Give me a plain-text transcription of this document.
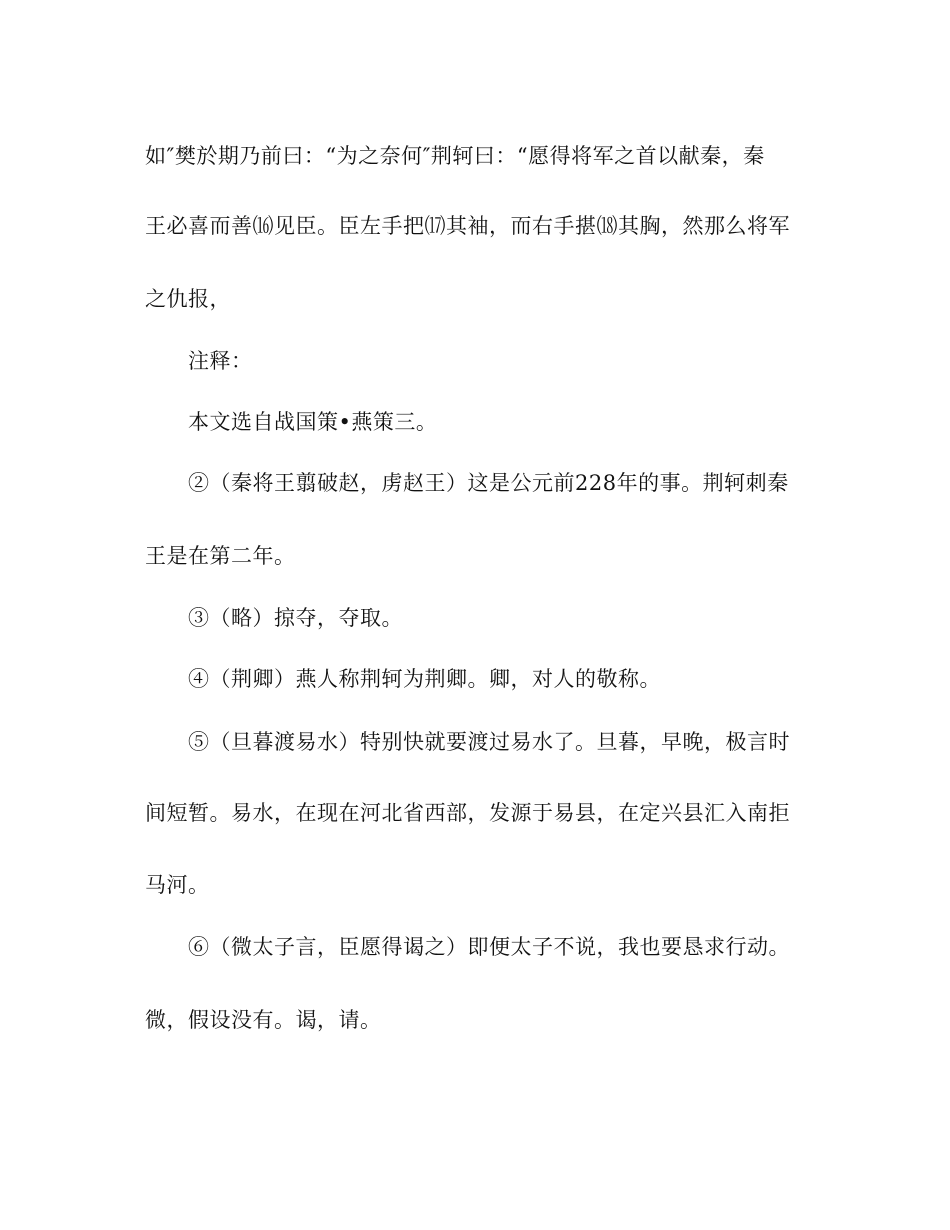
如″樊於期乃前曰：“为之奈何″荆轲曰：“愿得将军之首以献秦，秦
王必喜而善⒃见臣。臣左手把⒄其袖，而右手揕⒅其胸，然那么将军
之仇报，
注释：
本文选自战国策•燕策三。
②（秦将王翦破赵，虏赵王）这是公元前228年的事。荆轲刺秦
王是在第二年。
③（略）掠夺，夺取。
④（荆卿）燕人称荆轲为荆卿。卿，对人的敬称。
⑤（旦暮渡易水）特别快就要渡过易水了。旦暮，早晚，极言时
间短暂。易水，在现在河北省西部，发源于易县，在定兴县汇入南拒
马河。
⑥（微太子言，臣愿得谒之）即便太子不说，我也要恳求行动。
微，假设没有。谒，请。
